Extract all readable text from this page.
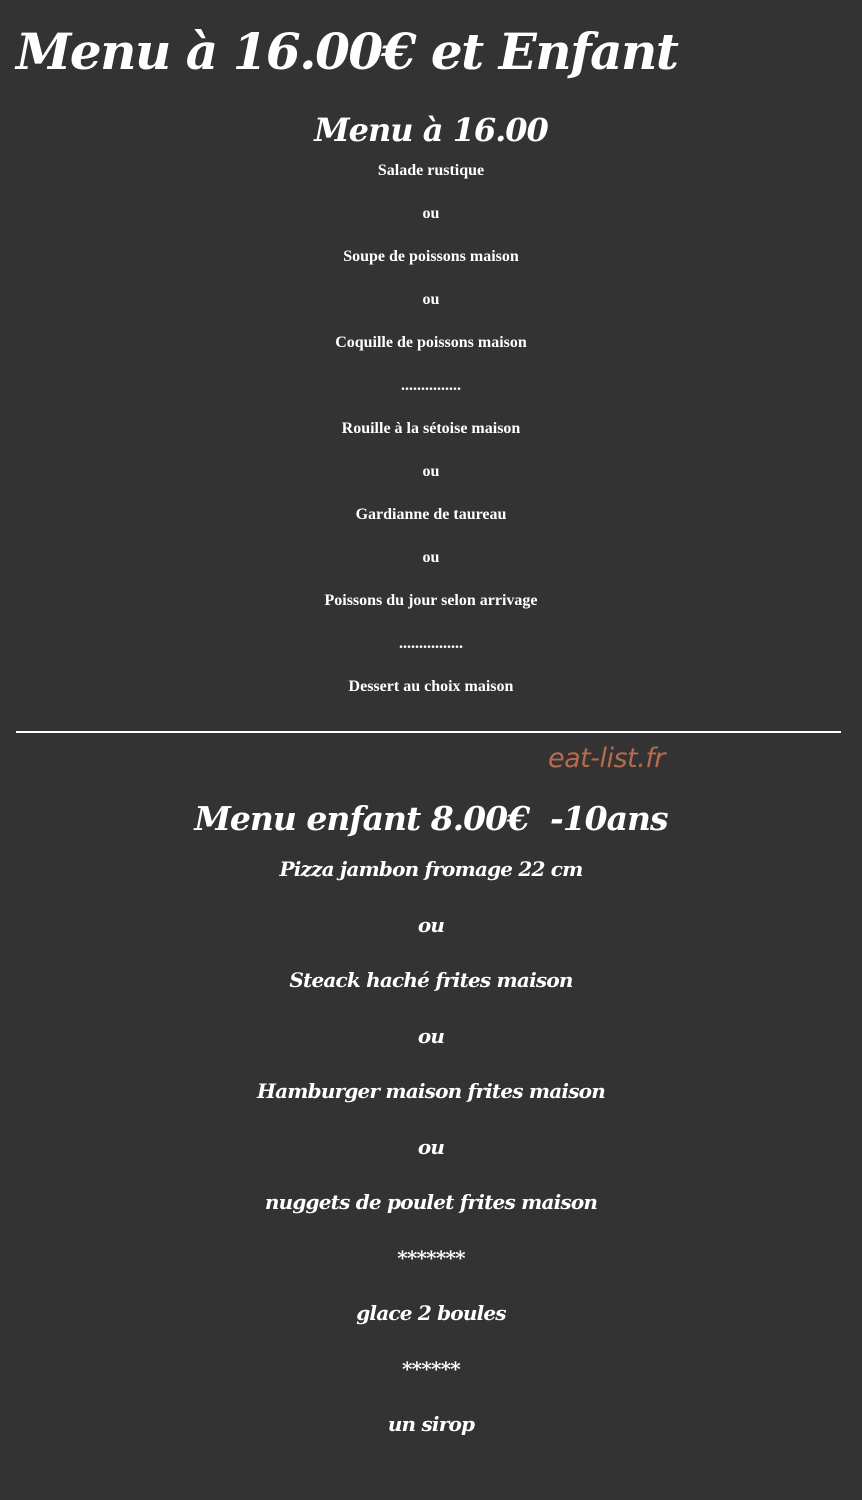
Menu à 16.00€ et Enfant
Menu à 16.00

Salade rustique

ou

Soupe de poissons maison

ou

Coquille de poissons maison

...............

Rouille à la sétoise maison

ou

Gardianne de taureau

ou

Poissons du jour selon arrivage

................

Dessert au choix maison

eat-list.fr
Menu enfant 8.00€  -10ans

Pizza jambon fromage 22 cm

ou

Steack haché frites maison

ou

Hamburger maison frites maison

ou

nuggets de poulet frites maison

*******

glace 2 boules

******

un sirop
